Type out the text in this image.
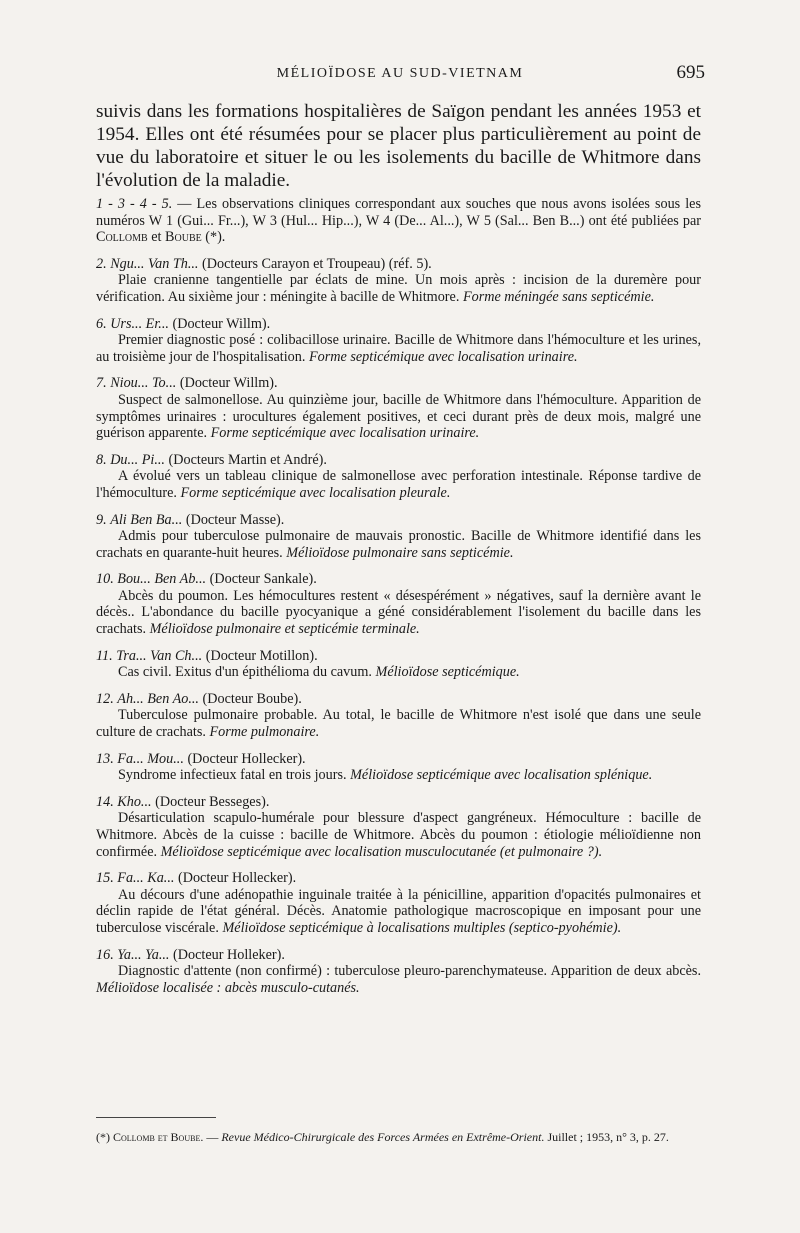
MÉLIOÏDOSE AU SUD-VIETNAM	695
suivis dans les formations hospitalières de Saïgon pendant les années 1953 et 1954. Elles ont été résumées pour se placer plus particulièrement au point de vue du laboratoire et situer le ou les isolements du bacille de Whitmore dans l'évolution de la maladie.
1 - 3 - 4 - 5. — Les observations cliniques correspondant aux souches que nous avons isolées sous les numéros W 1 (Gui... Fr...), W 3 (Hul... Hip...), W 4 (De... Al...), W 5 (Sal... Ben B...) ont été publiées par Collomb et Boube (*).
2. Ngu... Van Th... (Docteurs Carayon et Troupeau) (réf. 5).
Plaie cranienne tangentielle par éclats de mine. Un mois après : incision de la duremère pour vérification. Au sixième jour : méningite à bacille de Whitmore. Forme méningée sans septicémie.
6. Urs... Er... (Docteur Willm).
Premier diagnostic posé : colibacillose urinaire. Bacille de Whitmore dans l'hémoculture et les urines, au troisième jour de l'hospitalisation. Forme septicémique avec localisation urinaire.
7. Niou... To... (Docteur Willm).
Suspect de salmonellose. Au quinzième jour, bacille de Whitmore dans l'hémoculture. Apparition de symptômes urinaires : urocultures également positives, et ceci durant près de deux mois, malgré une guérison apparente. Forme septicémique avec localisation urinaire.
8. Du... Pi... (Docteurs Martin et André).
A évolué vers un tableau clinique de salmonellose avec perforation intestinale. Réponse tardive de l'hémoculture. Forme septicémique avec localisation pleurale.
9. Ali Ben Ba... (Docteur Masse).
Admis pour tuberculose pulmonaire de mauvais pronostic. Bacille de Whitmore identifié dans les crachats en quarante-huit heures. Mélioïdose pulmonaire sans septicémie.
10. Bou... Ben Ab... (Docteur Sankale).
Abcès du poumon. Les hémocultures restent « désespérément » négatives, sauf la dernière avant le décès.. L'abondance du bacille pyocyanique a géné considérablement l'isolement du bacille dans les crachats. Mélioïdose pulmonaire et septicémie terminale.
11. Tra... Van Ch... (Docteur Motillon).
Cas civil. Exitus d'un épithélioma du cavum. Mélioïdose septicémique.
12. Ah... Ben Ao... (Docteur Boube).
Tuberculose pulmonaire probable. Au total, le bacille de Whitmore n'est isolé que dans une seule culture de crachats. Forme pulmonaire.
13. Fa... Mou... (Docteur Hollecker).
Syndrome infectieux fatal en trois jours. Mélioïdose septicémique avec localisation splénique.
14. Kho... (Docteur Besseges).
Désarticulation scapulo-humérale pour blessure d'aspect gangréneux. Hémoculture : bacille de Whitmore. Abcès de la cuisse : bacille de Whitmore. Abcès du poumon : étiologie mélioïdienne non confirmée. Mélioïdose septicémique avec localisation musculocutanée (et pulmonaire ?).
15. Fa... Ka... (Docteur Hollecker).
Au décours d'une adénopathie inguinale traitée à la pénicilline, apparition d'opacités pulmonaires et déclin rapide de l'état général. Décès. Anatomie pathologique macroscopique en imposant pour une tuberculose viscérale. Mélioïdose septicémique à localisations multiples (septico-pyohémie).
16. Ya... Ya... (Docteur Holleker).
Diagnostic d'attente (non confirmé) : tuberculose pleuro-parenchymateuse. Apparition de deux abcès. Mélioïdose localisée : abcès musculo-cutanés.
(*) Collomb et Boube. — Revue Médico-Chirurgicale des Forces Armées en Extrême-Orient. Juillet ; 1953, n° 3, p. 27.
